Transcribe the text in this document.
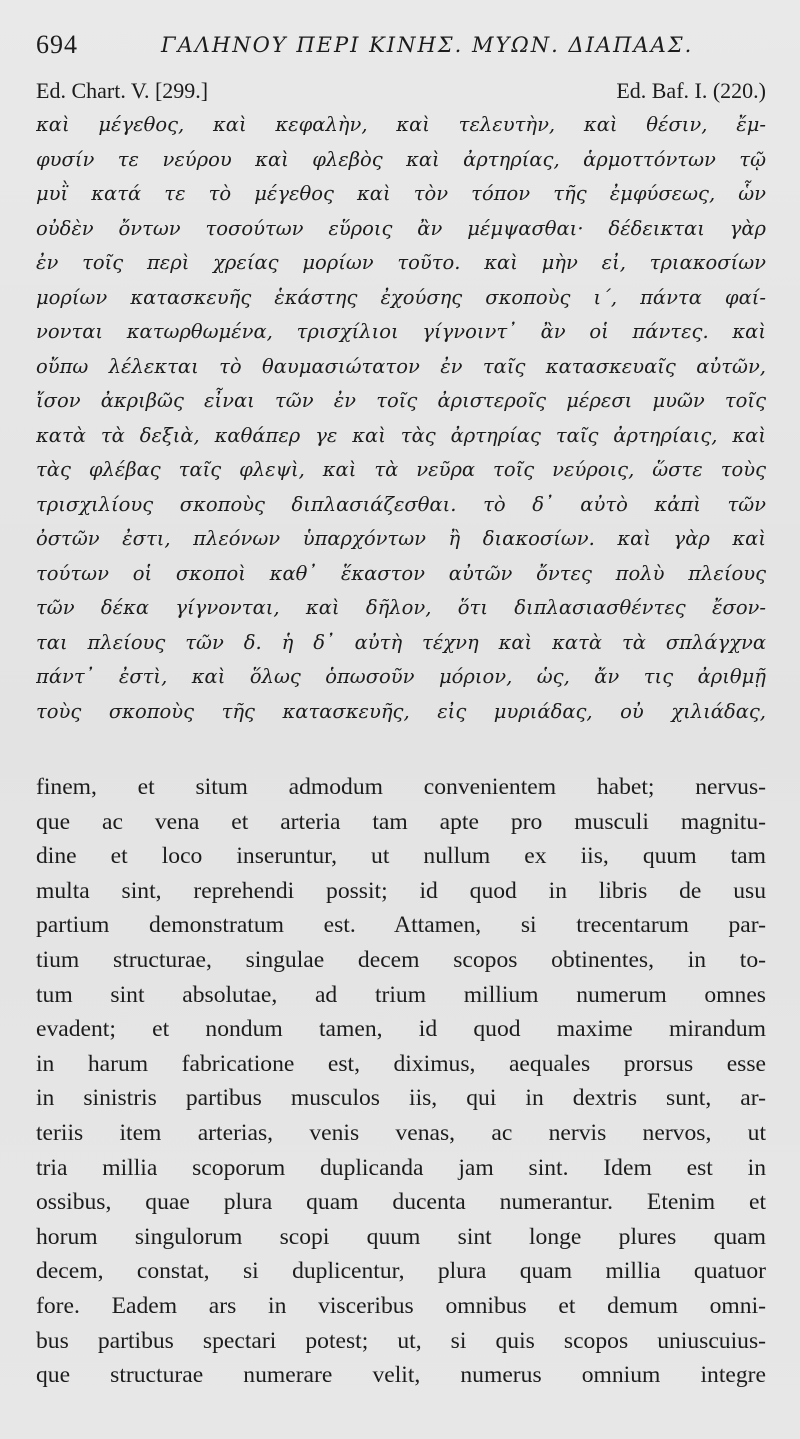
694	ΓΑΛΗΝΟΥ ΠΕΡΙ ΚΙΝΗΣ. ΜΥΩΝ. ΔΙΑΠΑΑΣ.
Ed. Chart. V. [299.]	Ed. Baf. I. (220.)
καὶ μέγεθος, καὶ κεφαλὴν, καὶ τελευτὴν, καὶ θέσιν, ἔμ-
φυσίν τε νεύρου καὶ φλεβὸς καὶ ἀρτηρίας, ἁρμοττόντων τῷ
μυῒ κατά τε τὸ μέγεθος καὶ τὸν τόπον τῆς ἐμφύσεως, ὧν
οὐδὲν ὄντων τοσούτων εὕροις ἂν μέμψασθαι· δέδεικται γὰρ
ἐν τοῖς περὶ χρείας μορίων τοῦτο. καὶ μὴν εἰ, τριακοσίων
μορίων κατασκευῆς ἑκάστης ἐχούσης σκοποὺς ι΄, πάντα φαί-
νονται κατωρθωμένα, τρισχίλιοι γίγνοιντ᾽ ἂν οἱ πάντες. καὶ
οὔπω λέλεκται τὸ θαυμασιώτατον ἐν ταῖς κατασκευαῖς αὐτῶν,
ἴσον ἀκριβῶς εἶναι τῶν ἐν τοῖς ἀριστεροῖς μέρεσι μυῶν τοῖς
κατὰ τὰ δεξιὰ, καθάπερ γε καὶ τὰς ἀρτηρίας ταῖς ἀρτηρίαις, καὶ
τὰς φλέβας ταῖς φλεψὶ, καὶ τὰ νεῦρα τοῖς νεύροις, ὥστε τοὺς
τρισχιλίους σκοποὺς διπλασιάζεσθαι. τὸ δ᾽ αὐτὸ κἀπὶ τῶν
ὀστῶν ἐστι, πλεόνων ὑπαρχόντων ἢ διακοσίων. καὶ γὰρ καὶ
τούτων οἱ σκοποὶ καθ᾽ ἕκαστον αὐτῶν ὄντες πολὺ πλείους
τῶν δέκα γίγνονται, καὶ δῆλον, ὅτι διπλασιασθέντες ἔσον-
ται πλείους τῶν δ. ἡ δ᾽ αὐτὴ τέχνη καὶ κατὰ τὰ σπλάγχνα
πάντ᾽ ἐστὶ, καὶ ὅλως ὁπωσοῦν μόριον, ὡς, ἄν τις ἀριθμῇ
τοὺς σκοποὺς τῆς κατασκευῆς, εἰς μυριάδας, οὐ χιλιάδας,
finem, et situm admodum convenientem habet; nervus-
que ac vena et arteria tam apte pro musculi magnitu-
dine et loco inseruntur, ut nullum ex iis, quum tam
multa sint, reprehendi possit; id quod in libris de usu
partium demonstratum est. Attamen, si trecentarum par-
tium structurae, singulae decem scopos obtinentes, in to-
tum sint absolutae, ad trium millium numerum omnes
evadent; et nondum tamen, id quod maxime mirandum
in harum fabricatione est, diximus, aequales prorsus esse
in sinistris partibus musculos iis, qui in dextris sunt, ar-
teriis item arterias, venis venas, ac nervis nervos, ut
tria millia scoporum duplicanda jam sint. Idem est in
ossibus, quae plura quam ducenta numerantur. Etenim et
horum singulorum scopi quum sint longe plures quam
decem, constat, si duplicentur, plura quam millia quatuor
fore. Eadem ars in visceribus omnibus et demum omni-
bus partibus spectari potest; ut, si quis scopos uniuscuius-
que structurae numerare velit, numerus omnium integre
